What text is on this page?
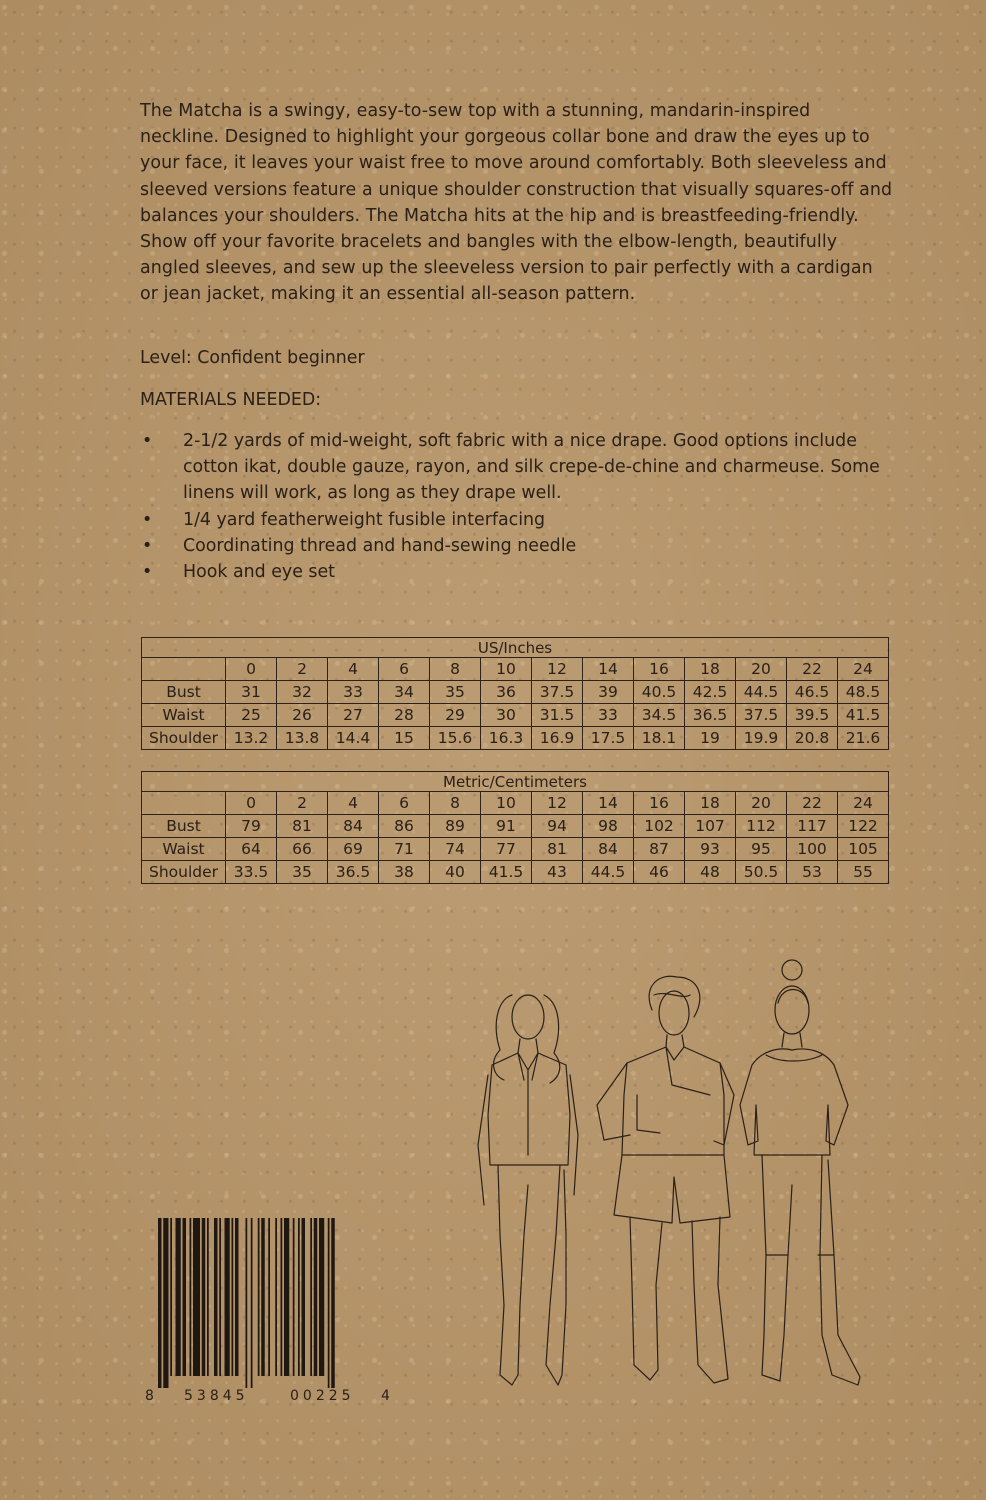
The Matcha is a swingy, easy-to-sew top with a stunning, mandarin-inspired neckline. Designed to highlight your gorgeous collar bone and draw the eyes up to your face, it leaves your waist free to move around comfortably. Both sleeveless and sleeved versions feature a unique shoulder construction that visually squares-off and balances your shoulders. The Matcha hits at the hip and is breastfeeding-friendly. Show off your favorite bracelets and bangles with the elbow-length, beautifully angled sleeves, and sew up the sleeveless version to pair perfectly with a cardigan or jean jacket, making it an essential all-season pattern.

Level: Confident beginner
MATERIALS NEEDED:
• 2-1/2 yards of mid-weight, soft fabric with a nice drape. Good options include cotton ikat, double gauze, rayon, and silk crepe-de-chine and charmeuse. Some linens will work, as long as they drape well.
• 1/4 yard featherweight fusible interfacing
• Coordinating thread and hand-sewing needle
• Hook and eye set
US/Inches													
	0	2	4	6	8	10	12	14	16	18	20	22	24
Bust	31	32	33	34	35	36	37.5	39	40.5	42.5	44.5	46.5	48.5
Waist	25	26	27	28	29	30	31.5	33	34.5	36.5	37.5	39.5	41.5
Shoulder	13.2	13.8	14.4	15	15.6	16.3	16.9	17.5	18.1	19	19.9	20.8	21.6
Metric/Centimeters													
	0	2	4	6	8	10	12	14	16	18	20	22	24
Bust	79	81	84	86	89	91	94	98	102	107	112	117	122
Waist	64	66	69	71	74	77	81	84	87	93	95	100	105
Shoulder	33.5	35	36.5	38	40	41.5	43	44.5	46	48	50.5	53	55
8 53845	00225 4
